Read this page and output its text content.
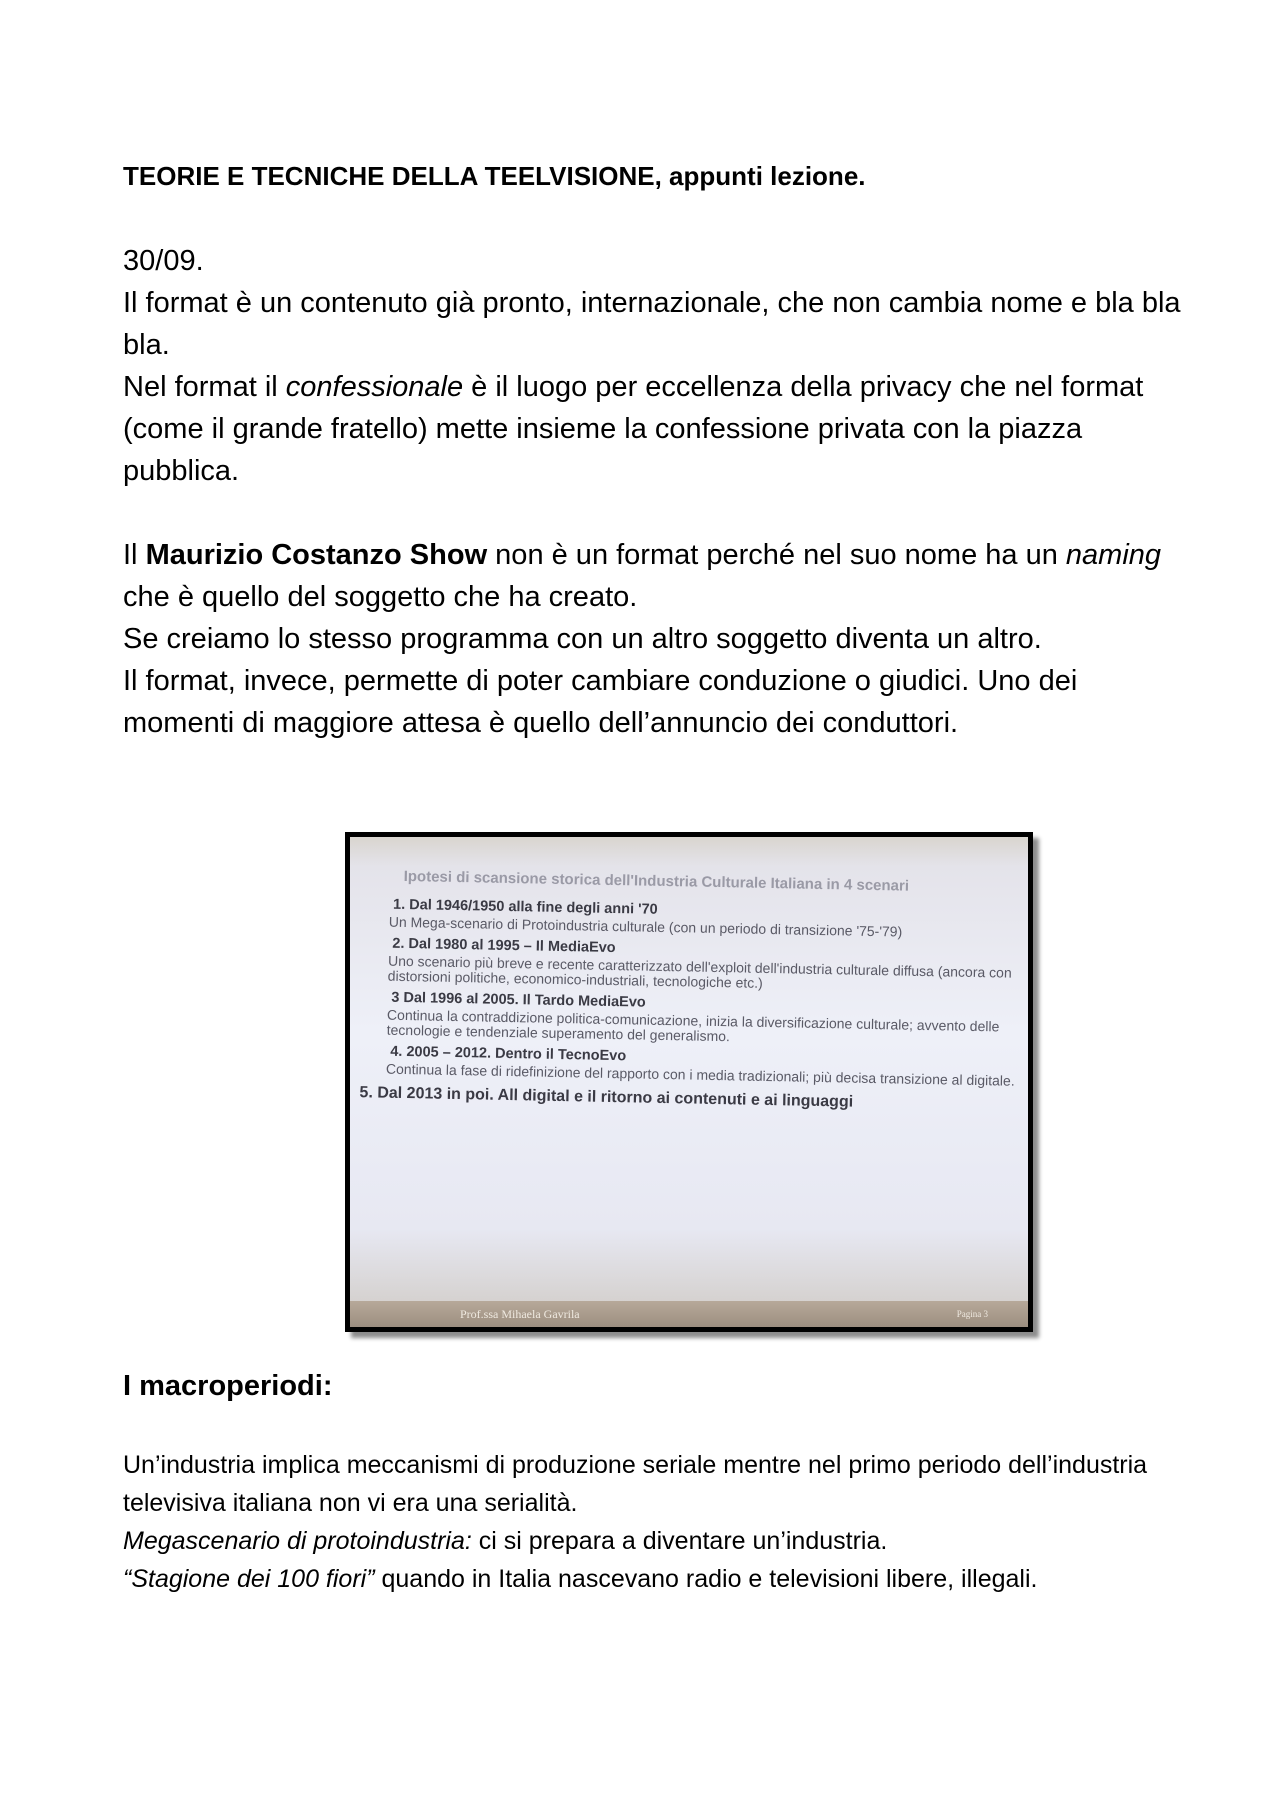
TEORIE E TECNICHE DELLA TEELVISIONE, appunti lezione.

30/09.

Il format è un contenuto già pronto, internazionale, che non cambia nome e bla bla bla.

Nel format il confessionale è il luogo per eccellenza della privacy che nel format (come il grande fratello) mette insieme la confessione privata con la piazza pubblica.

Il Maurizio Costanzo Show non è un format perché nel suo nome ha un naming che è quello del soggetto che ha creato.

Se creiamo lo stesso programma con un altro soggetto diventa un altro.

Il format, invece, permette di poter cambiare conduzione o giudici. Uno dei momenti di maggiore attesa è quello dell’annuncio dei conduttori.

Ipotesi di scansione storica dell'Industria Culturale Italiana in 4 scenari
1. Dal 1946/1950 alla fine degli anni '70
Un Mega-scenario di Protoindustria culturale (con un periodo di transizione '75-'79)
2. Dal 1980 al 1995 – Il MediaEvo
Uno scenario più breve e recente caratterizzato dell'exploit dell'industria culturale diffusa (ancora con distorsioni politiche, economico-industriali, tecnologiche etc.)
3 Dal 1996 al 2005. Il Tardo MediaEvo
Continua la contraddizione politica-comunicazione, inizia la diversificazione culturale; avvento delle tecnologie e tendenziale superamento del generalismo.
4. 2005 – 2012. Dentro il TecnoEvo
Continua la fase di ridefinizione del rapporto con i media tradizionali; più decisa transizione al digitale.
5. Dal 2013 in poi. All digital e il ritorno ai contenuti e ai linguaggi
Prof.ssa Mihaela Gavrila	Pagina 3

I macroperiodi:

Un’industria implica meccanismi di produzione seriale mentre nel primo periodo dell’industria televisiva italiana non vi era una serialità.

Megascenario di protoindustria: ci si prepara a diventare un’industria.

“Stagione dei 100 fiori” quando in Italia nascevano radio e televisioni libere, illegali.
